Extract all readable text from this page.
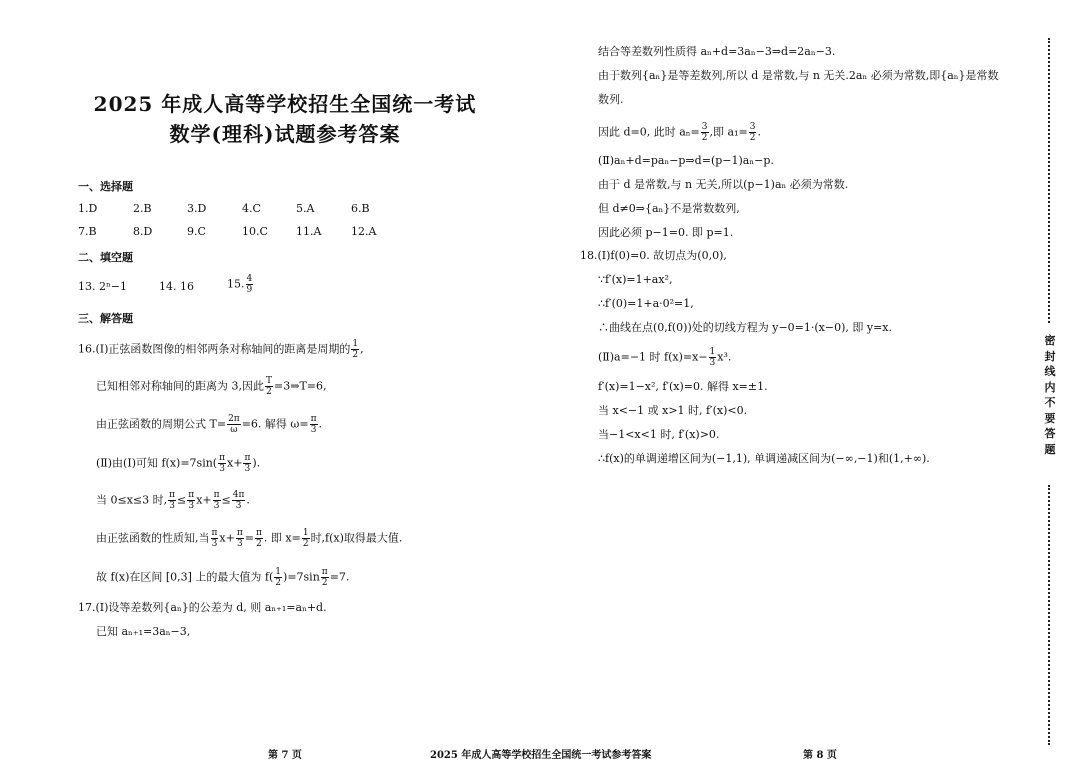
2025 年成人高等学校招生全国统一考试
数学(理科)试题参考答案
一、选择题
1.D	2.B	3.D	4.C	5.A	6.B
7.B	8.D	9.C	10.C	11.A	12.A
二、填空题
13. 2ⁿ−1	14. 16	15. $\frac{4}{9}$
三、解答题
16.(Ⅰ)正弦函数图像的相邻两条对称轴间的距离是周期的 $\frac{1}{2}$ ,
已知相邻对称轴间的距离为 3,因此 $\frac{T}{2}$ =3⇒T=6,
由正弦函数的周期公式 $T= \frac{2\pi}{\omega} =6$. 解得 $\omega= \frac{\pi}{3}$ .
(Ⅱ)由(Ⅰ)可知 $f(x)=7\sin( \frac{\pi}{3} x+ \frac{\pi}{3}$ ).
当 0≤x≤3 时, $\frac{\pi}{3} \le \frac{\pi}{3} x+ \frac{\pi}{3} \le \frac{4\pi}{3}$ .
由正弦函数的性质知,当 $\frac{\pi}{3} x+ \frac{\pi}{3} = \frac{\pi}{2}$ . 即 $x= \frac{1}{2}$ 时,f(x)取得最大值.
故 f(x)在区间 [0,3] 上的最大值为 $f( \frac{1}{2} )=7\sin \frac{\pi}{2} =7$.
17.(Ⅰ)设等差数列{aₙ}的公差为 d, 则 aₙ₊₁=aₙ+d.
已知 aₙ₊₁=3aₙ−3,
结合等差数列性质得 aₙ+d=3aₙ−3⇒d=2aₙ−3.
由于数列{aₙ}是等差数列,所以 d 是常数,与 n 无关.2aₙ 必须为常数,即{aₙ}是常数
数列.
因此 d=0, 此时 $a_n= \frac{3}{2}$ ,即 $a_1= \frac{3}{2}$ .
(Ⅱ)aₙ+d=paₙ−p⇒d=(p−1)aₙ−p.
由于 d 是常数,与 n 无关,所以(p−1)aₙ 必须为常数.
但 d≠0⇒{aₙ}不是常数数列,
因此必须 p−1=0. 即 p=1.
18.(Ⅰ)f(0)=0. 故切点为(0,0),
∵f′(x)=1+ax²,
∴f′(0)=1+a·0²=1,
∴曲线在点(0,f(0))处的切线方程为 y−0=1·(x−0), 即 y=x.
(Ⅱ)a=−1 时 $f(x)=x- \frac{1}{3} x^3$.
f′(x)=1−x², f′(x)=0. 解得 x=±1.
当 x<−1 或 x>1 时, f′(x)<0.
当−1<x<1 时, f′(x)>0.
∴f(x)的单调递增区间为(−1,1), 单调递减区间为(−∞,−1)和(1,+∞).
第 7 页	2025 年成人高等学校招生全国统一考试参考答案	第 8 页
密封线内不要答题
